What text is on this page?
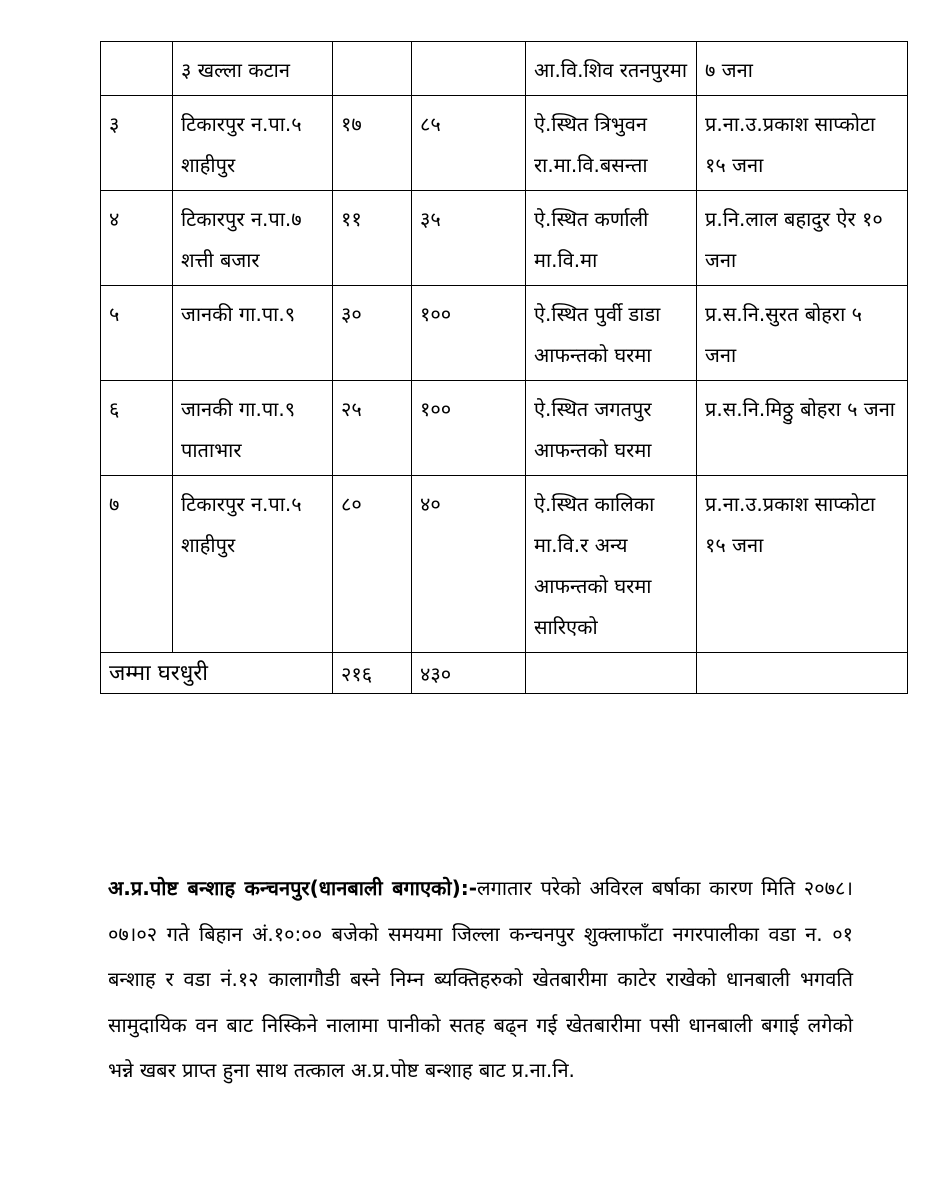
	३ खल्ला कटान			आ.वि.शिव रतनपुरमा	७ जना
३	टिकारपुर न.पा.५ शाहीपुर	१७	८५	ऐ.स्थित त्रिभुवन रा.मा.वि.बसन्ता	प्र.ना.उ.प्रकाश साप्कोटा १५ जना
४	टिकारपुर न.पा.७ शत्ती बजार	११	३५	ऐ.स्थित कर्णाली मा.वि.मा	प्र.नि.लाल बहादुर ऐर १० जना
५	जानकी गा.पा.९	३०	१००	ऐ.स्थित पुर्वी डाडा आफन्तको घरमा	प्र.स.नि.सुरत बोहरा ५ जना
६	जानकी गा.पा.९ पाताभार	२५	१००	ऐ.स्थित जगतपुर आफन्तको घरमा	प्र.स.नि.मिठ्ठु बोहरा ५ जना
७	टिकारपुर न.पा.५ शाहीपुर	८०	४०	ऐ.स्थित कालिका मा.वि.र अन्य आफन्तको घरमा सारिएको	प्र.ना.उ.प्रकाश साप्कोटा १५ जना
जम्मा घरधुरी		२१६	४३०		
अ.प्र.पोष्ट बन्शाह कन्चनपुर(धानबाली बगाएको):-लगातार परेको अविरल बर्षाका कारण मिति २०७८।०७।०२ गते बिहान अं.१०:०० बजेको समयमा जिल्ला कन्चनपुर शुक्लाफाँटा नगरपालीका वडा न. ०१ बन्शाह र वडा नं.१२ कालागौडी बस्ने निम्न ब्यक्तिहरुको खेतबारीमा काटेर राखेको धानबाली भगवति सामुदायिक वन बाट निस्किने नालामा पानीको सतह बढ्न गई खेतबारीमा पसी धानबाली बगाई लगेको भन्ने खबर प्राप्त हुना साथ तत्काल अ.प्र.पोष्ट बन्शाह बाट प्र.ना.नि.
